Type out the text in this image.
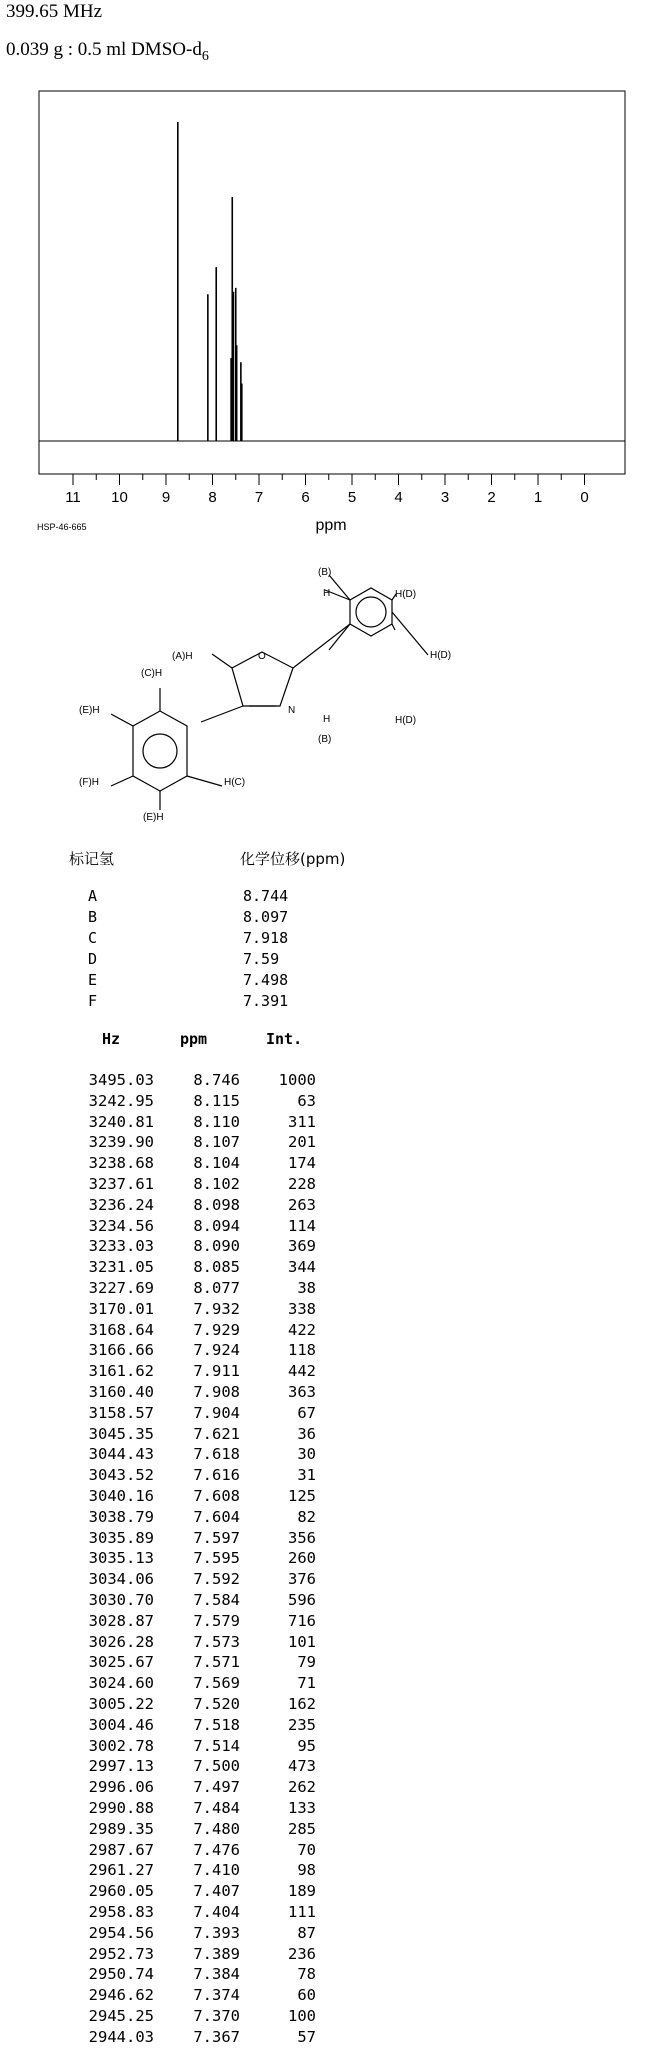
399.65 MHz
0.039 g : 0.5 ml DMSO-$d_6$
11 10 9	8	7	6	5	4	3	2	1	0
HSP-46-665	ppm
(B)
H	H(D)
H(D)
H(D)
H
(B)
(A)H	O
N
(C)H
(E)H
(F)H	H(C)
(E)H
标记氢	化学位移(ppm)
A	8.744
B	8.097
C	7.918
D	7.59
E	7.498
F	7.391
Hz	ppm	Int.
3495.03	8.746	1000
3242.95	8.115	63
3240.81	8.110	311
3239.90	8.107	201
3238.68	8.104	174
3237.61	8.102	228
3236.24	8.098	263
3234.56	8.094	114
3233.03	8.090	369
3231.05	8.085	344
3227.69	8.077	38
3170.01	7.932	338
3168.64	7.929	422
3166.66	7.924	118
3161.62	7.911	442
3160.40	7.908	363
3158.57	7.904	67
3045.35	7.621	36
3044.43	7.618	30
3043.52	7.616	31
3040.16	7.608	125
3038.79	7.604	82
3035.89	7.597	356
3035.13	7.595	260
3034.06	7.592	376
3030.70	7.584	596
3028.87	7.579	716
3026.28	7.573	101
3025.67	7.571	79
3024.60	7.569	71
3005.22	7.520	162
3004.46	7.518	235
3002.78	7.514	95
2997.13	7.500	473
2996.06	7.497	262
2990.88	7.484	133
2989.35	7.480	285
2987.67	7.476	70
2961.27	7.410	98
2960.05	7.407	189
2958.83	7.404	111
2954.56	7.393	87
2952.73	7.389	236
2950.74	7.384	78
2946.62	7.374	60
2945.25	7.370	100
2944.03	7.367	57
